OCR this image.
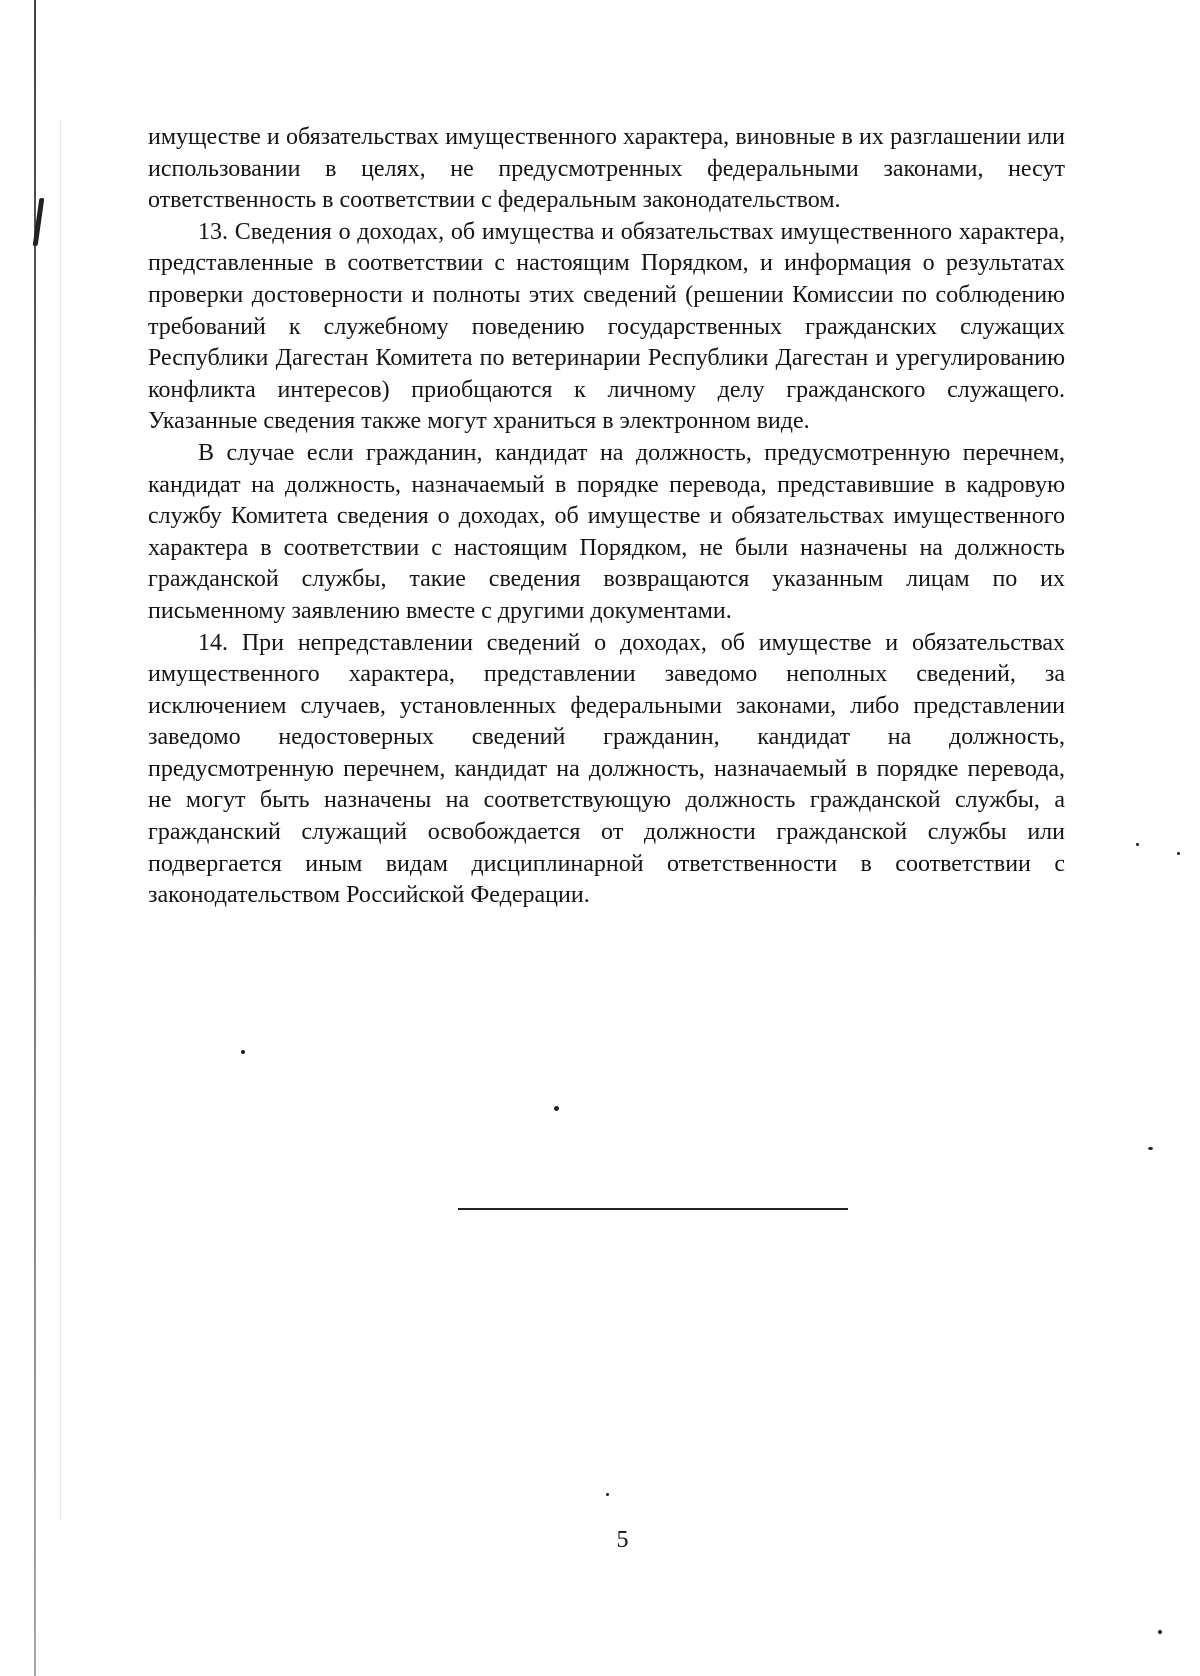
имуществе и обязательствах имущественного характера, виновные в их разглашении или использовании в целях, не предусмотренных федеральными законами, несут ответственность в соответствии с федеральным законодательством.

13. Сведения о доходах, об имущества и обязательствах имущественного характера, представленные в соответствии с настоящим Порядком, и информация о результатах проверки достоверности и полноты этих сведений (решении Комиссии по соблюдению требований к служебному поведению государственных гражданских служащих Республики Дагестан Комитета по ветеринарии Республики Дагестан и урегулированию конфликта интересов) приобщаются к личному делу гражданского служащего. Указанные сведения также могут храниться в электронном виде.

В случае если гражданин, кандидат на должность, предусмотренную перечнем, кандидат на должность, назначаемый в порядке перевода, представившие в кадровую службу Комитета сведения о доходах, об имуществе и обязательствах имущественного характера в соответствии с настоящим Порядком, не были назначены на должность гражданской службы, такие сведения возвращаются указанным лицам по их письменному заявлению вместе с другими документами.

14. При непредставлении сведений о доходах, об имуществе и обязательствах имущественного характера, представлении заведомо неполных сведений, за исключением случаев, установленных федеральными законами, либо представлении заведомо недостоверных сведений гражданин, кандидат на должность, предусмотренную перечнем, кандидат на должность, назначаемый в порядке перевода, не могут быть назначены на соответствующую должность гражданской службы, а гражданский служащий освобождается от должности гражданской службы или подвергается иным видам дисциплинарной ответственности в соответствии с законодательством Российской Федерации.

5
